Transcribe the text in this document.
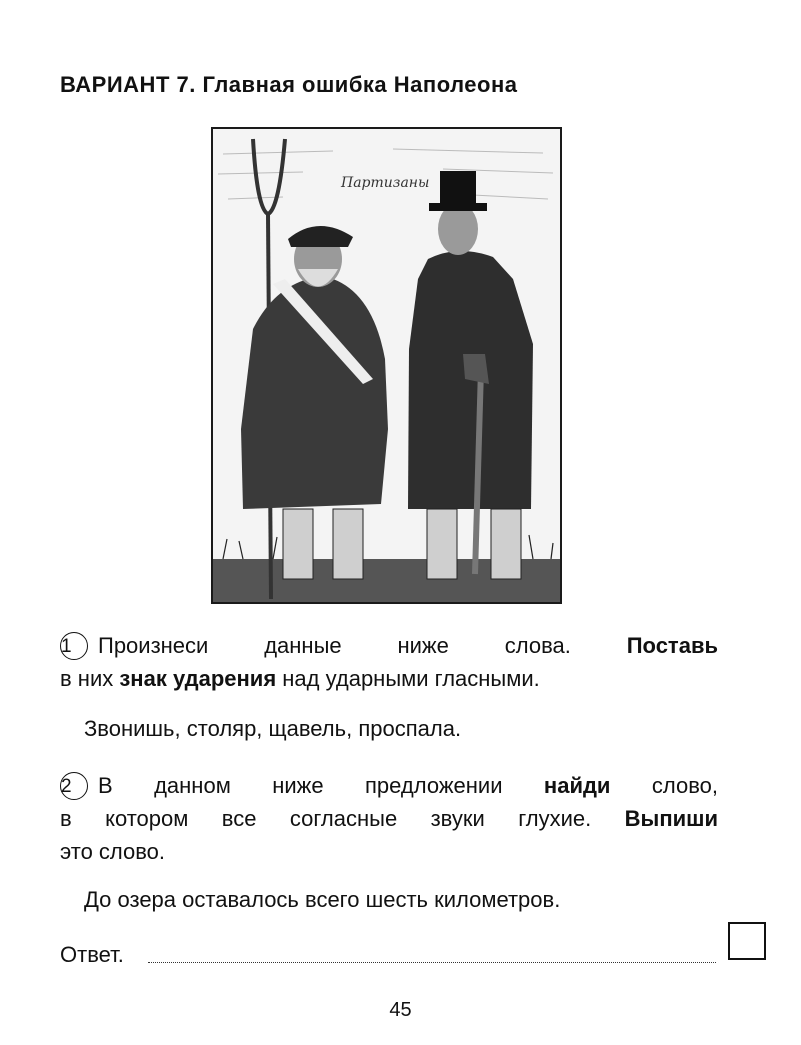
ВАРИАНТ 7. Главная ошибка Наполеона
Партизаны
1 Произнеси данные ниже слова. Поставь
в них знак ударения над ударными гласными.
Звонишь, столяр, щавель, проспала.
2 В данном ниже предложении найди слово,
в котором все согласные звуки глухие. Выпиши
это слово.
До озера оставалось всего шесть километров.
Ответ.
45
